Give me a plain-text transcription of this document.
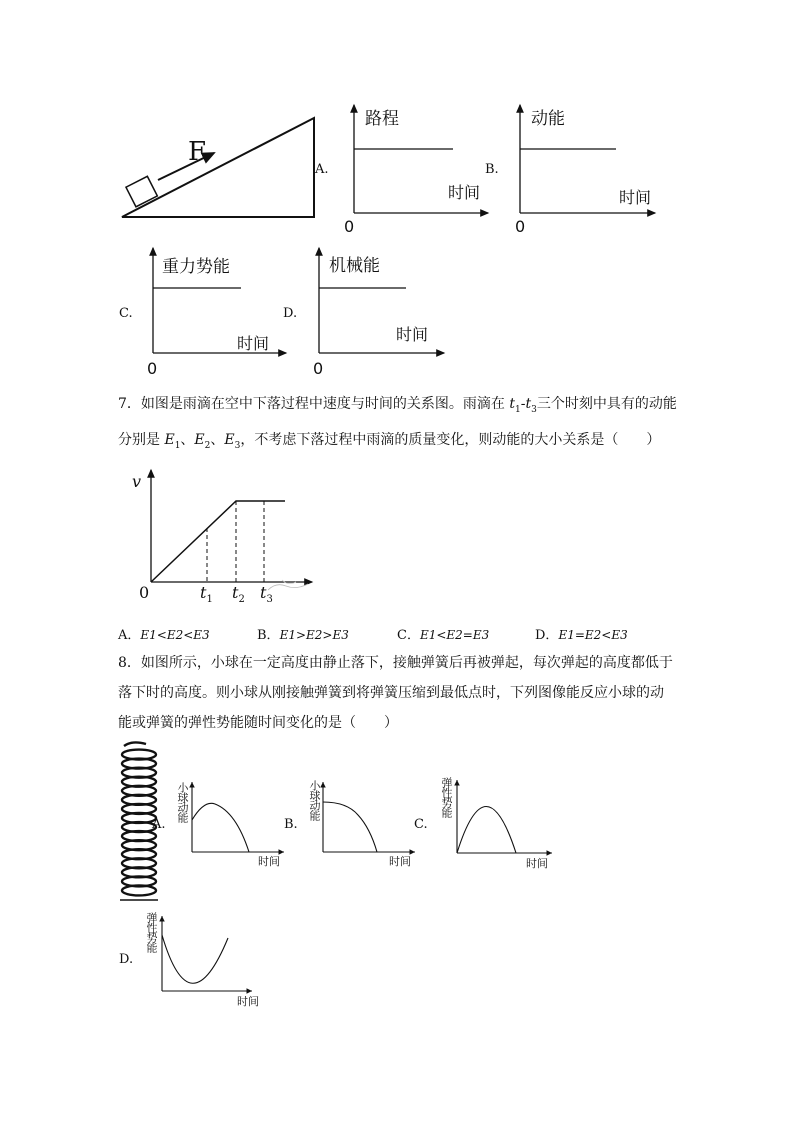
F
A.
路程
时间
0
B.
动能
时间
0
C.
重力势能
时间
0
D.
机械能
时间
0
7．如图是雨滴在空中下落过程中速度与时间的关系图。雨滴在 $t_1-t_3$三个时刻中具有的动能
分别是 $E_1$、$E_2$、$E_3$，不考虑下落过程中雨滴的质量变化，则动能的大小关系是（　　）
v
0	$t_1$ $t_2$ $t_3$
A．E1<E2<E3	B．E1>E2>E3	C．E1<E2=E3	D．E1=E2<E3
8．如图所示，小球在一定高度由静止落下，接触弹簧后再被弹起，每次弹起的高度都低于
落下时的高度。则小球从刚接触弹簧到将弹簧压缩到最低点时，下列图像能反应小球的动
能或弹簧的弹性势能随时间变化的是（　　）
A.
小球动能
时间
B.
小球动能
时间
C.
弹性势能
时间
D.
弹性势能
时间
